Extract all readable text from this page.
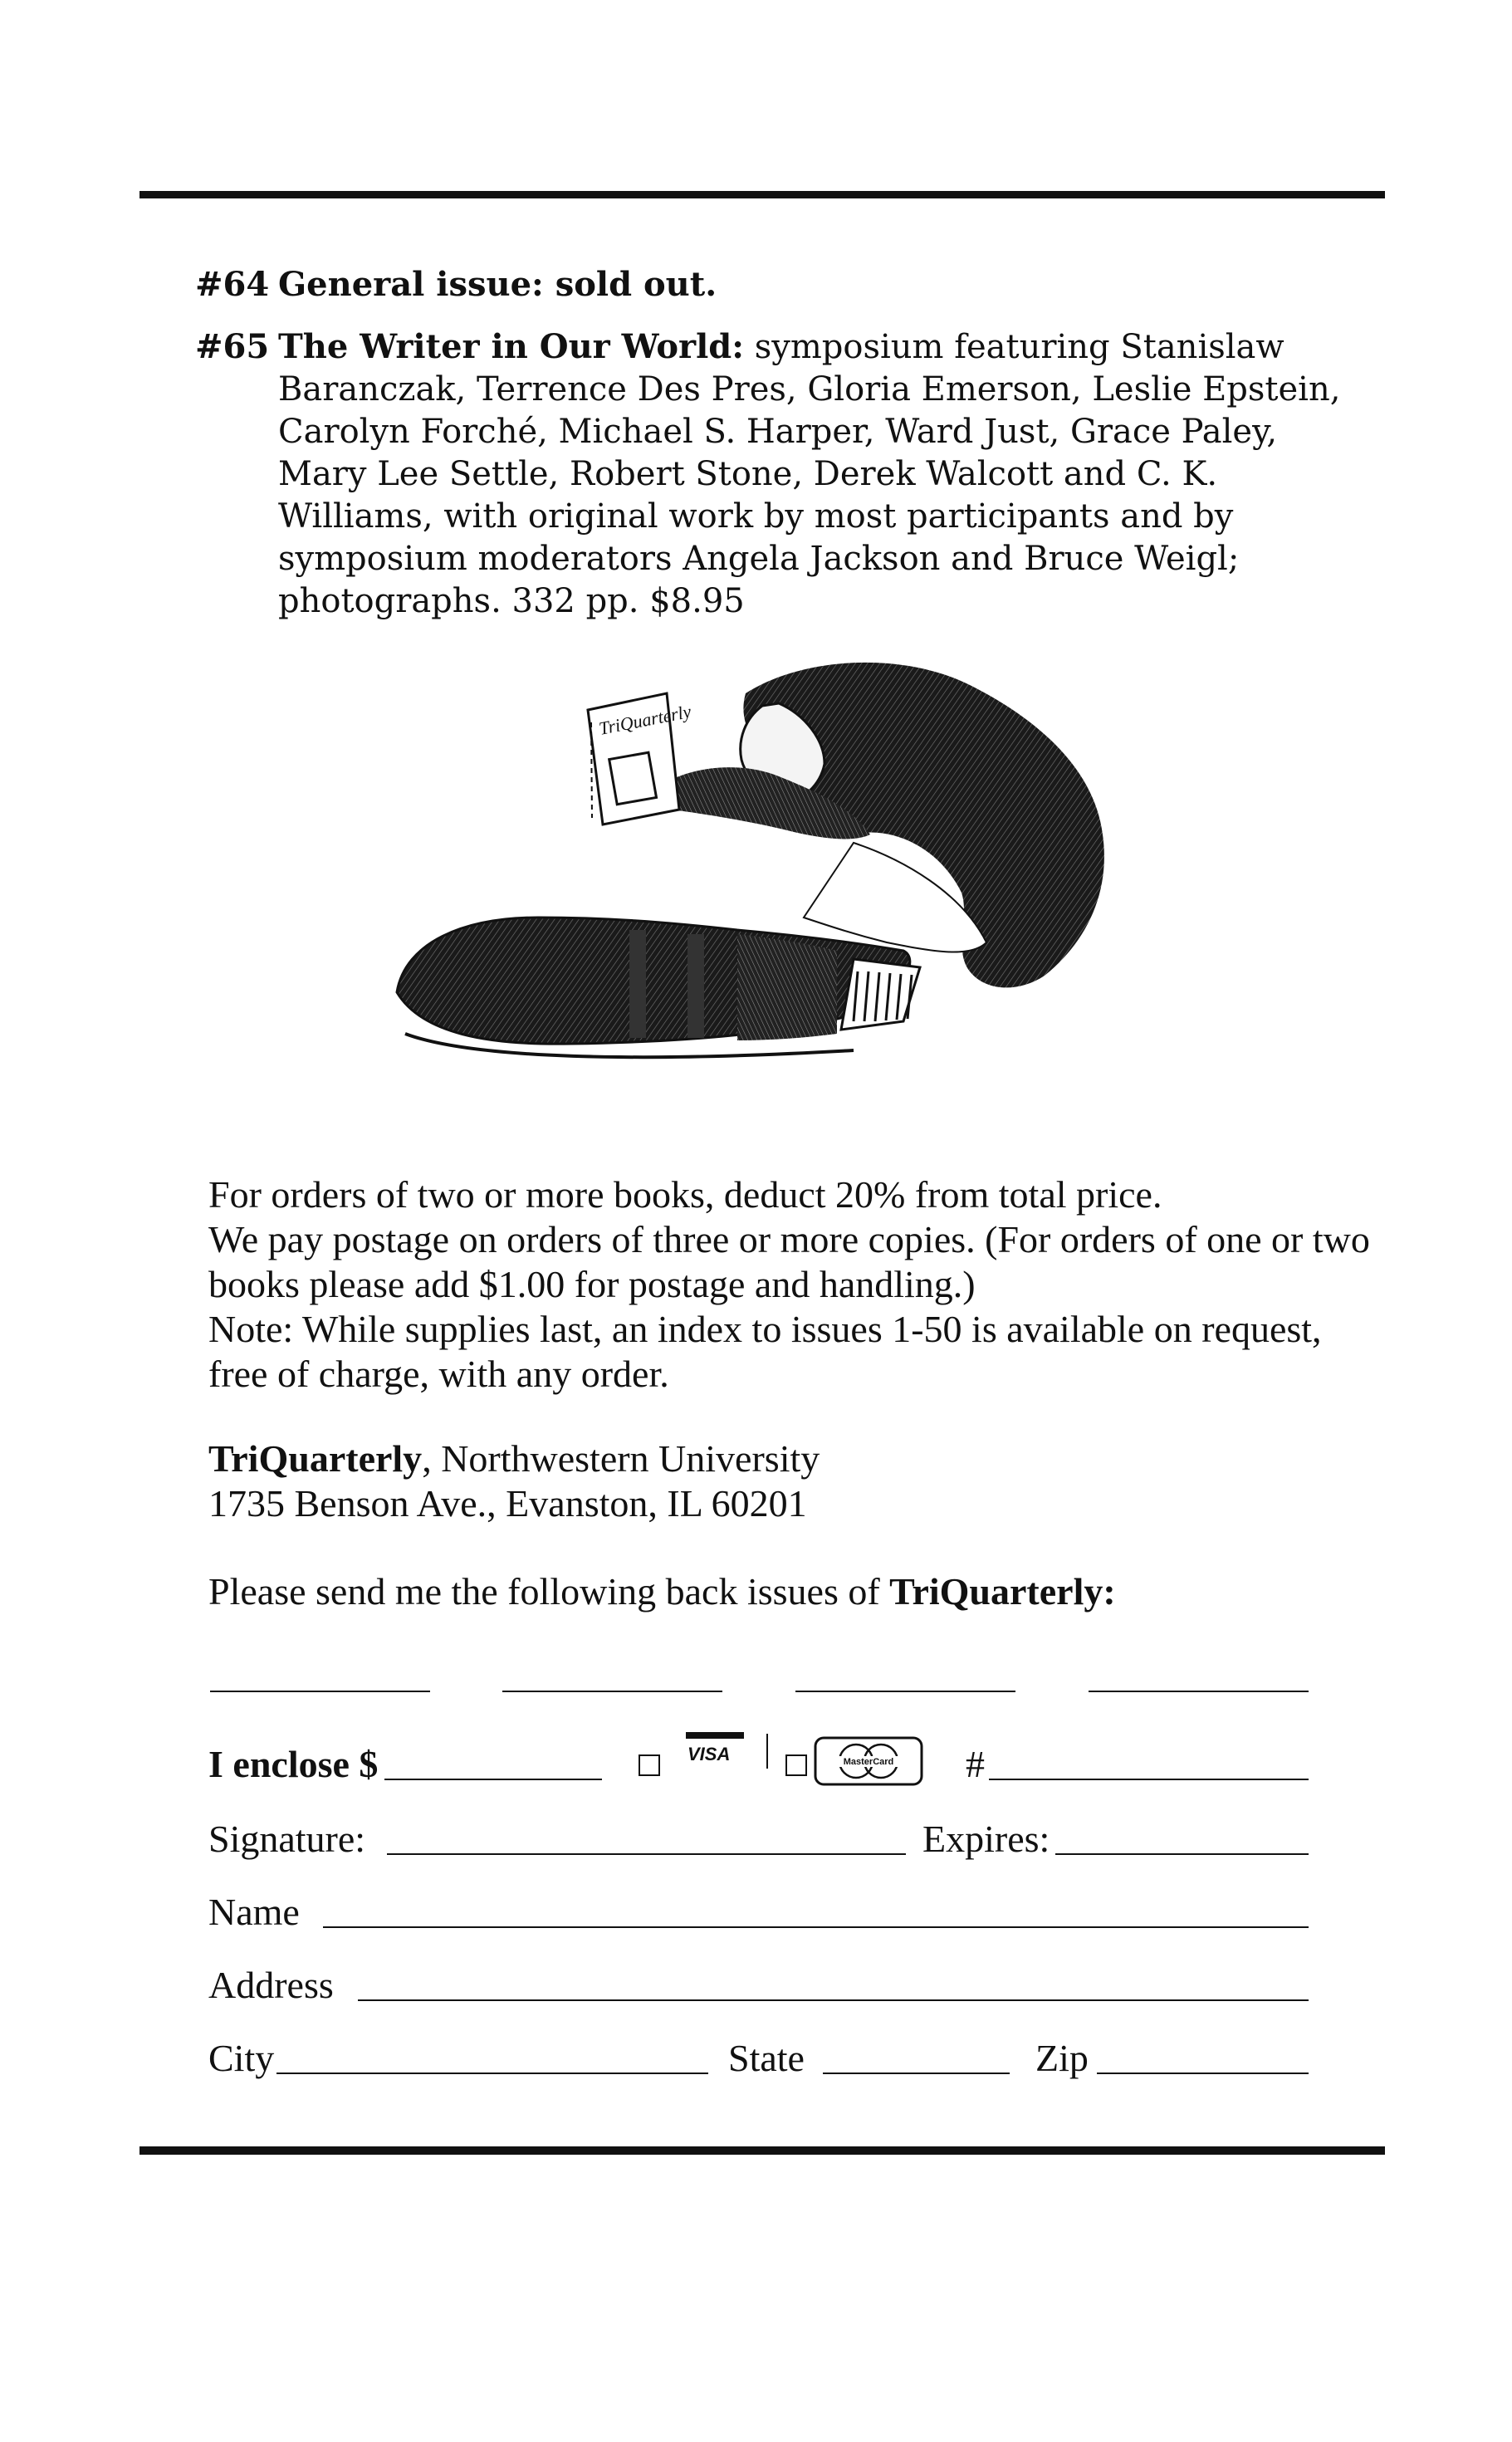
#64 General issue: sold out.
#65 The Writer in Our World: symposium featuring Stanislaw Baranczak, Terrence Des Pres, Gloria Emerson, Leslie Epstein, Carolyn Forché, Michael S. Harper, Ward Just, Grace Paley, Mary Lee Settle, Robert Stone, Derek Walcott and C. K. Williams, with original work by most participants and by symposium moderators Angela Jackson and Bruce Weigl; photographs. 332 pp. $8.95
TriQuarterly

For orders of two or more books, deduct 20% from total price.

We pay postage on orders of three or more copies. (For orders of one or two books please add $1.00 for postage and handling.)

Note: While supplies last, an index to issues 1-50 is available on request, free of charge, with any order.

TriQuarterly, Northwestern University

1735 Benson Ave., Evanston, IL 60201

Please send me the following back issues of TriQuarterly:
I enclose $	VISA	MasterCard #
Signature:	Expires:
Name
Address
City	State	Zip
